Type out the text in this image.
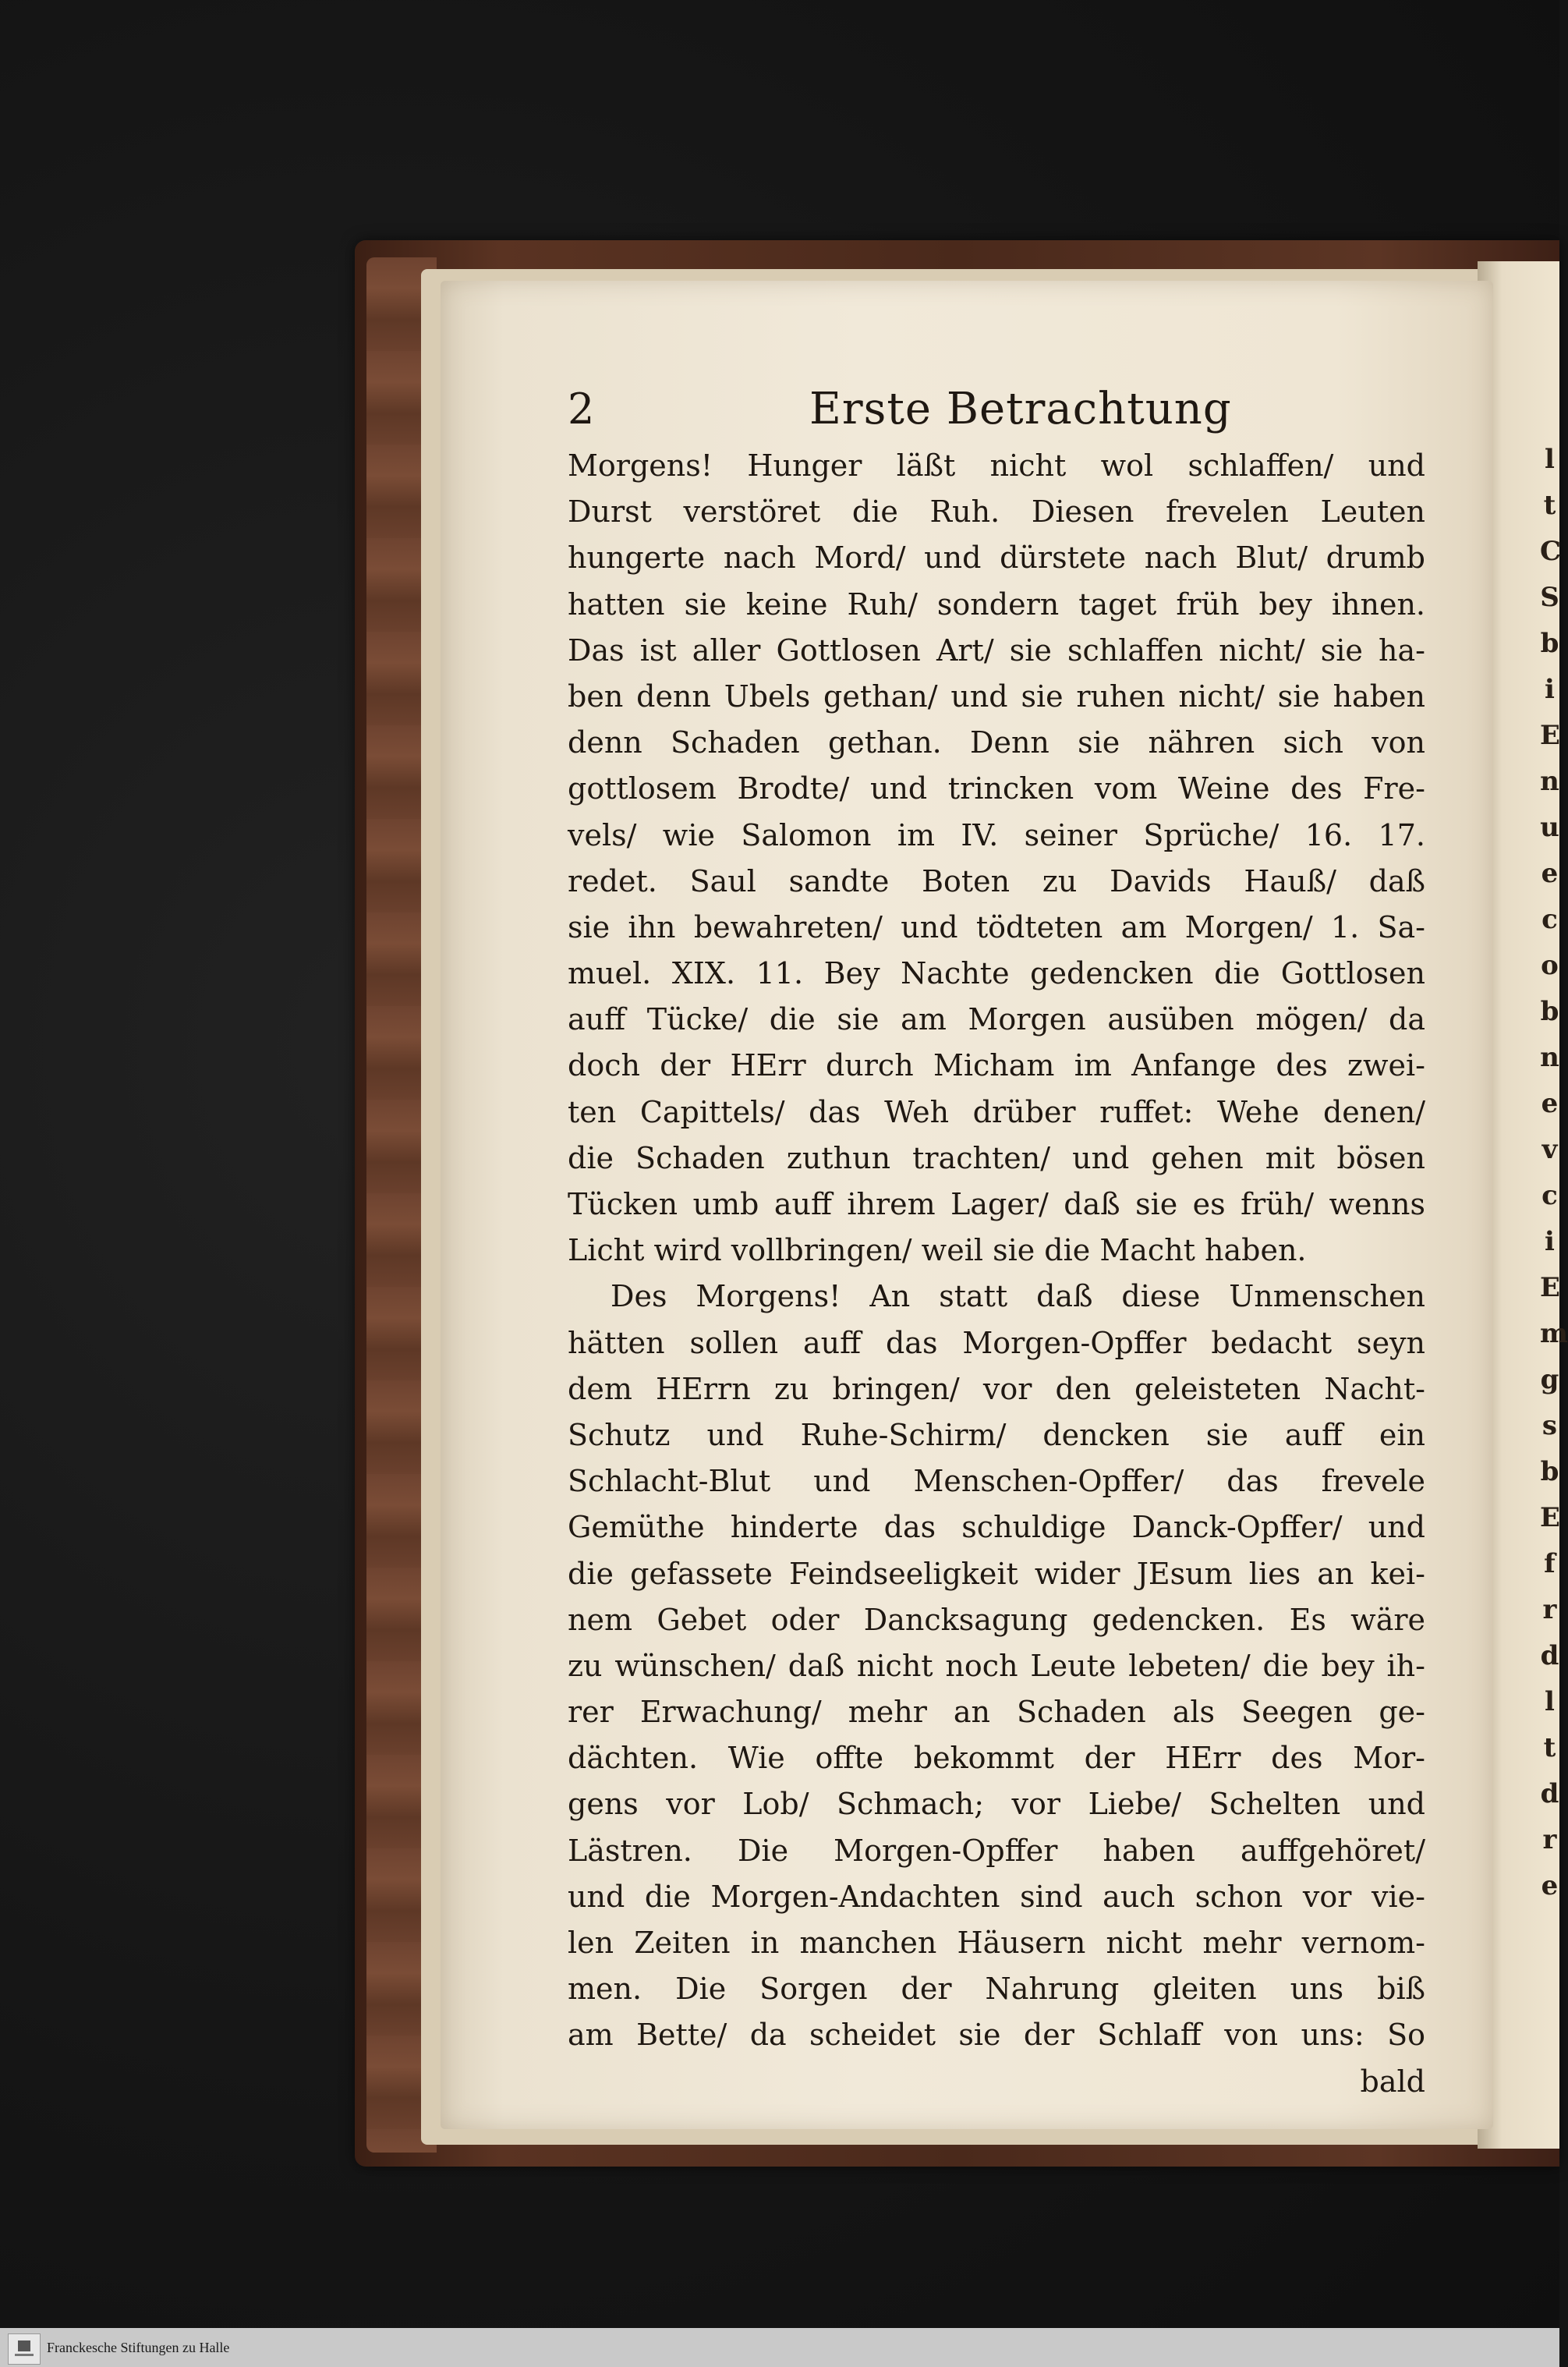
ltCSbiEnuecobnevciEmgsbEfrdltdre
2	Erste Betrachtung
Morgens! Hunger läßt nicht wol schlaffen/ und
Durst verstöret die Ruh. Diesen frevelen Leuten
hungerte nach Mord/ und dürstete nach Blut/ drumb
hatten sie keine Ruh/ sondern taget früh bey ihnen.
Das ist aller Gottlosen Art/ sie schlaffen nicht/ sie ha-
ben denn Ubels gethan/ und sie ruhen nicht/ sie haben
denn Schaden gethan. Denn sie nähren sich von
gottlosem Brodte/ und trincken vom Weine des Fre-
vels/ wie Salomon im IV. seiner Sprüche/ 16. 17.
redet. Saul sandte Boten zu Davids Hauß/ daß
sie ihn bewahreten/ und tödteten am Morgen/ 1. Sa-
muel. XIX. 11. Bey Nachte gedencken die Gottlosen
auff Tücke/ die sie am Morgen ausüben mögen/ da
doch der HErr durch Micham im Anfange des zwei-
ten Capittels/ das Weh drüber ruffet: Wehe denen/
die Schaden zuthun trachten/ und gehen mit bösen
Tücken umb auff ihrem Lager/ daß sie es früh/ wenns
Licht wird vollbringen/ weil sie die Macht haben.
Des Morgens! An statt daß diese Unmenschen
hätten sollen auff das Morgen-Opffer bedacht seyn
dem HErrn zu bringen/ vor den geleisteten Nacht-
Schutz und Ruhe-Schirm/ dencken sie auff ein
Schlacht-Blut und Menschen-Opffer/ das frevele
Gemüthe hinderte das schuldige Danck-Opffer/ und
die gefassete Feindseeligkeit wider JEsum lies an kei-
nem Gebet oder Dancksagung gedencken. Es wäre
zu wünschen/ daß nicht noch Leute lebeten/ die bey ih-
rer Erwachung/ mehr an Schaden als Seegen ge-
dächten. Wie offte bekommt der HErr des Mor-
gens vor Lob/ Schmach; vor Liebe/ Schelten und
Lästren. Die Morgen-Opffer haben auffgehöret/
und die Morgen-Andachten sind auch schon vor vie-
len Zeiten in manchen Häusern nicht mehr vernom-
men. Die Sorgen der Nahrung gleiten uns biß
am Bette/ da scheidet sie der Schlaff von uns: So
bald
Franckesche Stiftungen zu Halle
